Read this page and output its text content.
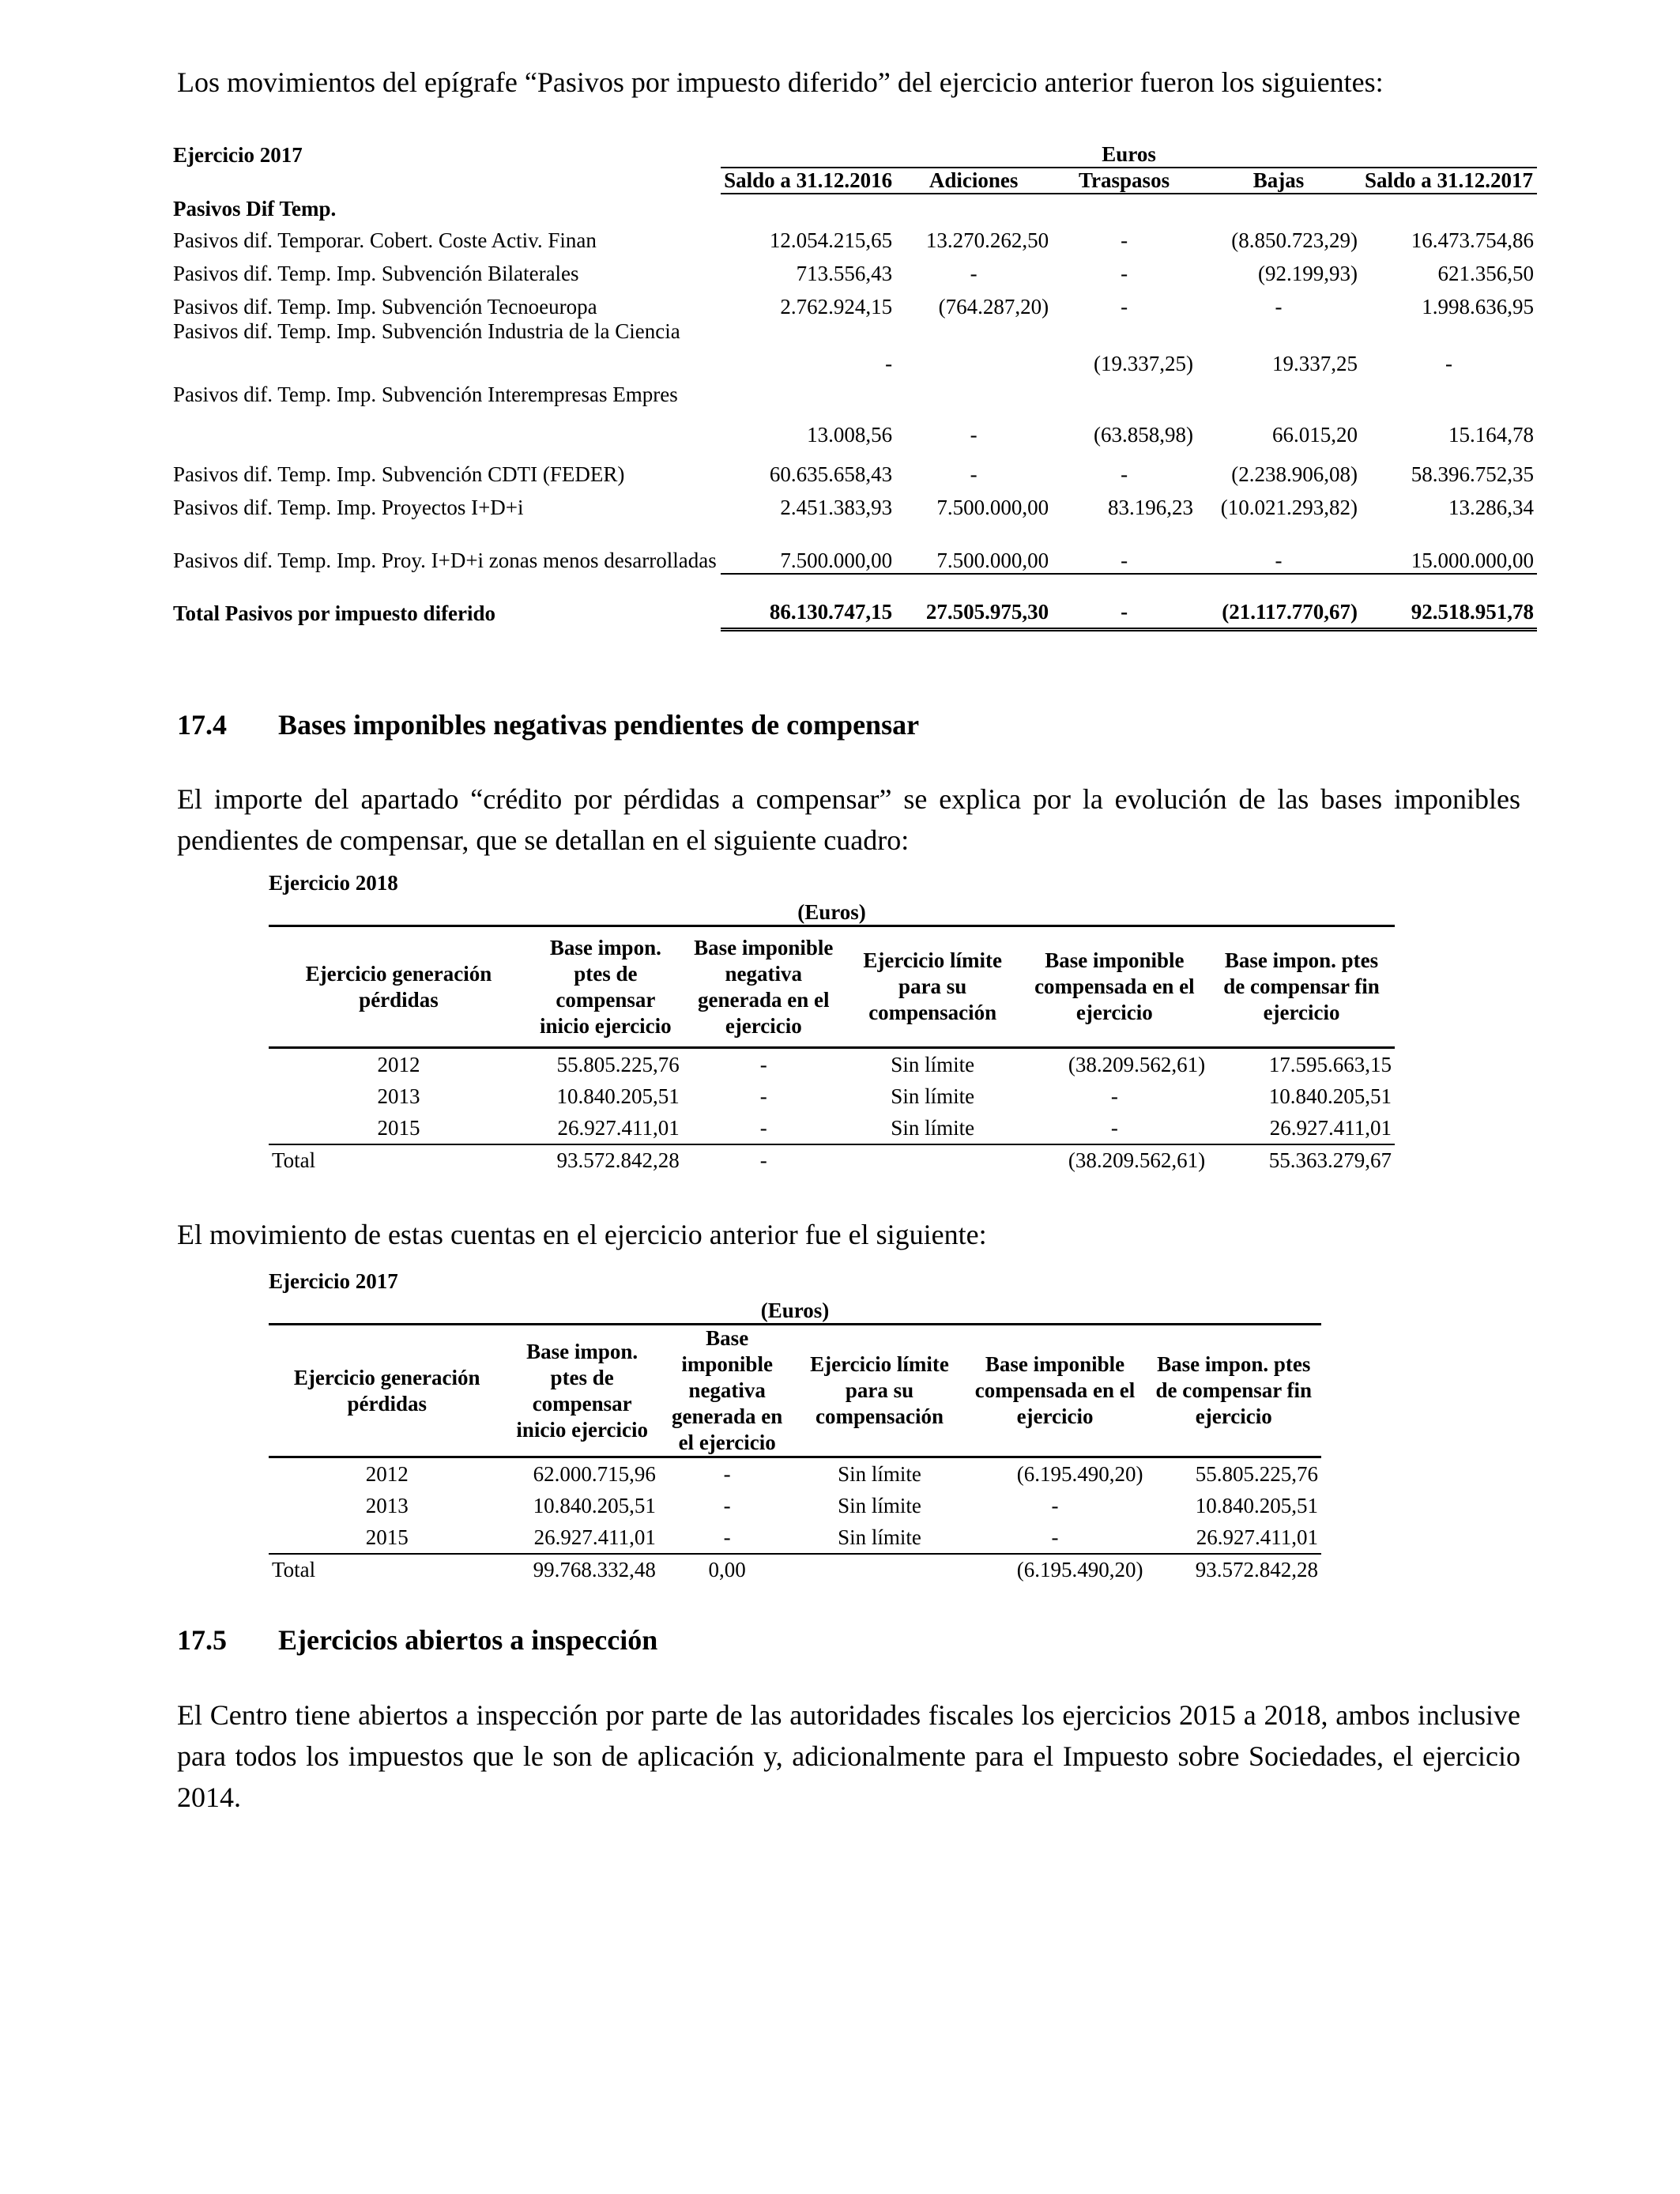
Los movimientos del epígrafe “Pasivos por impuesto diferido” del ejercicio anterior fueron los siguientes:
Ejercicio 2017	Euros				
	Saldo a 31.12.2016	Adiciones	Traspasos	Bajas	Saldo a 31.12.2017
Pasivos Dif Temp.					
Pasivos dif. Temporar. Cobert. Coste Activ. Finan	12.054.215,65	13.270.262,50	-	(8.850.723,29)	16.473.754,86
Pasivos dif. Temp. Imp. Subvención Bilaterales	713.556,43	-	-	(92.199,93)	621.356,50
Pasivos dif. Temp. Imp. Subvención Tecnoeuropa	2.762.924,15	(764.287,20)	-	-	1.998.636,95
Pasivos dif. Temp. Imp. Subvención Industria de la Ciencia	-		(19.337,25)	19.337,25	-
Pasivos dif. Temp. Imp. Subvención Interempresas Empres	13.008,56	-	(63.858,98)	66.015,20	15.164,78
Pasivos dif. Temp. Imp. Subvención CDTI (FEDER)	60.635.658,43	-	-	(2.238.906,08)	58.396.752,35
Pasivos dif. Temp. Imp. Proyectos I+D+i	2.451.383,93	7.500.000,00	83.196,23	(10.021.293,82)	13.286,34
Pasivos dif. Temp. Imp. Proy. I+D+i zonas menos desarrolladas	7.500.000,00	7.500.000,00	-	-	15.000.000,00
Total Pasivos por impuesto diferido	86.130.747,15	27.505.975,30	-	(21.117.770,67)	92.518.951,78
17.4 Bases imponibles negativas pendientes de compensar
El importe del apartado “crédito por pérdidas a compensar” se explica por la evolución de las bases imponibles pendientes de compensar, que se detallan en el siguiente cuadro:
Ejercicio 2018
(Euros)					
Ejercicio generación pérdidas	Base impon. ptes de compensar inicio ejercicio	Base imponible negativa generada en el ejercicio	Ejercicio límite para su compensación	Base imponible compensada en el ejercicio	Base impon. ptes de compensar fin ejercicio
2012	55.805.225,76	-	Sin límite	(38.209.562,61)	17.595.663,15
2013	10.840.205,51	-	Sin límite	-	10.840.205,51
2015	26.927.411,01	-	Sin límite	-	26.927.411,01
Total	93.572.842,28	-		(38.209.562,61)	55.363.279,67
El movimiento de estas cuentas en el ejercicio anterior fue el siguiente:
Ejercicio 2017
(Euros)					
Ejercicio generación pérdidas	Base impon. ptes de compensar inicio ejercicio	Base imponible negativa generada en el ejercicio	Ejercicio límite para su compensación	Base imponible compensada en el ejercicio	Base impon. ptes de compensar fin ejercicio
2012	62.000.715,96	-	Sin límite	(6.195.490,20)	55.805.225,76
2013	10.840.205,51	-	Sin límite	-	10.840.205,51
2015	26.927.411,01	-	Sin límite	-	26.927.411,01
Total	99.768.332,48	0,00		(6.195.490,20)	93.572.842,28
17.5 Ejercicios abiertos a inspección
El Centro tiene abiertos a inspección por parte de las autoridades fiscales los ejercicios 2015 a 2018, ambos inclusive para todos los impuestos que le son de aplicación y, adicionalmente para el Impuesto sobre Sociedades, el ejercicio 2014.
